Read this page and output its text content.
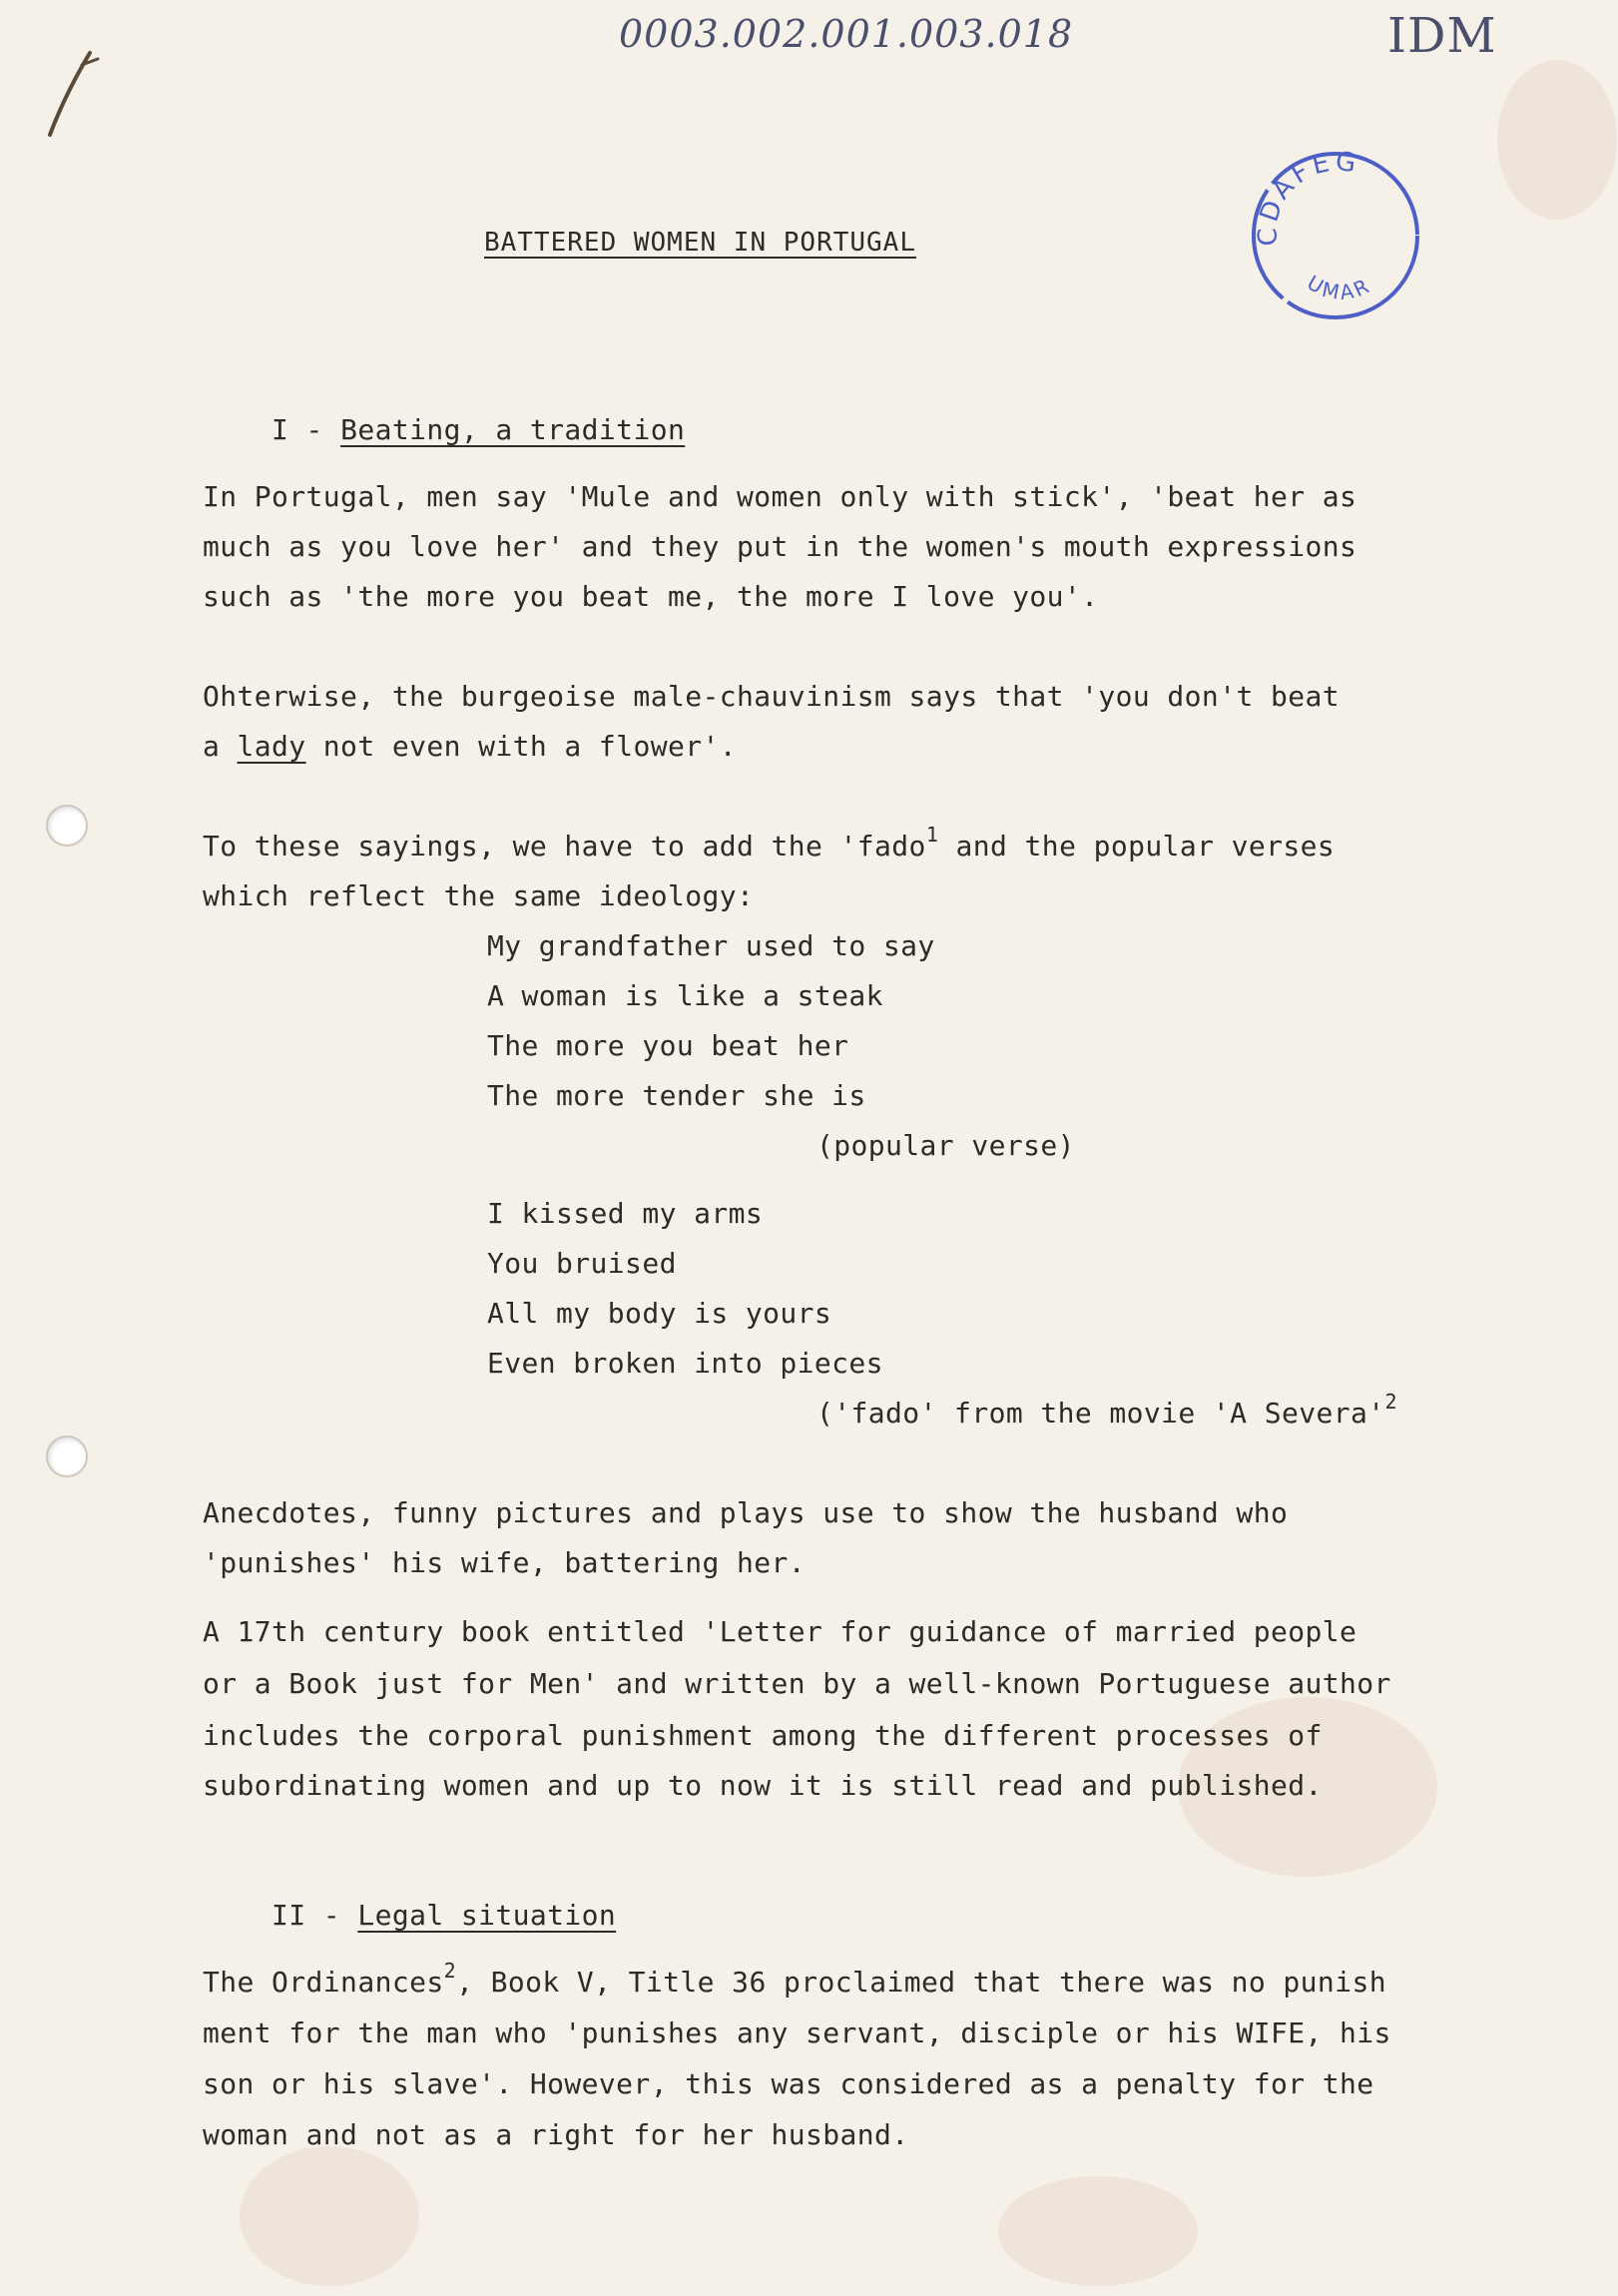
0003.002.001.003.018	IDM
CDAFEG
UMAR
BATTERED WOMEN IN PORTUGAL

I - Beating, a tradition

In Portugal, men say 'Mule and women only with stick', 'beat her as
much as you love her' and they put in the women's mouth expressions
such as 'the more you beat me, the more I love you'.
Ohterwise, the burgeoise male-chauvinism says that 'you don't beat
a lady not even with a flower'.
To these sayings, we have to add the 'fado$^1$ and the popular verses
which reflect the same ideology:
My grandfather used to say
A woman is like a steak
The more you beat her
The more tender she is
(popular verse)
I kissed my arms
You bruised
All my body is yours
Even broken into pieces
('fado' from the movie 'A $Severa'^2$
Anecdotes, funny pictures and plays use to show the husband who
'punishes' his wife, battering her.
A 17th century book entitled 'Letter for guidance of married people
or a Book just for Men' and written by a well-known Portuguese author
includes the corporal punishment among the different processes of
subordinating women and up to now it is still read and published.

II - Legal situation

The Ordinances$^2$, Book V, Title 36 proclaimed that there was no punish
ment for the man who 'punishes any servant, disciple or his WIFE, his
son or his slave'. However, this was considered as a penalty for the
woman and not as a right for her husband.
